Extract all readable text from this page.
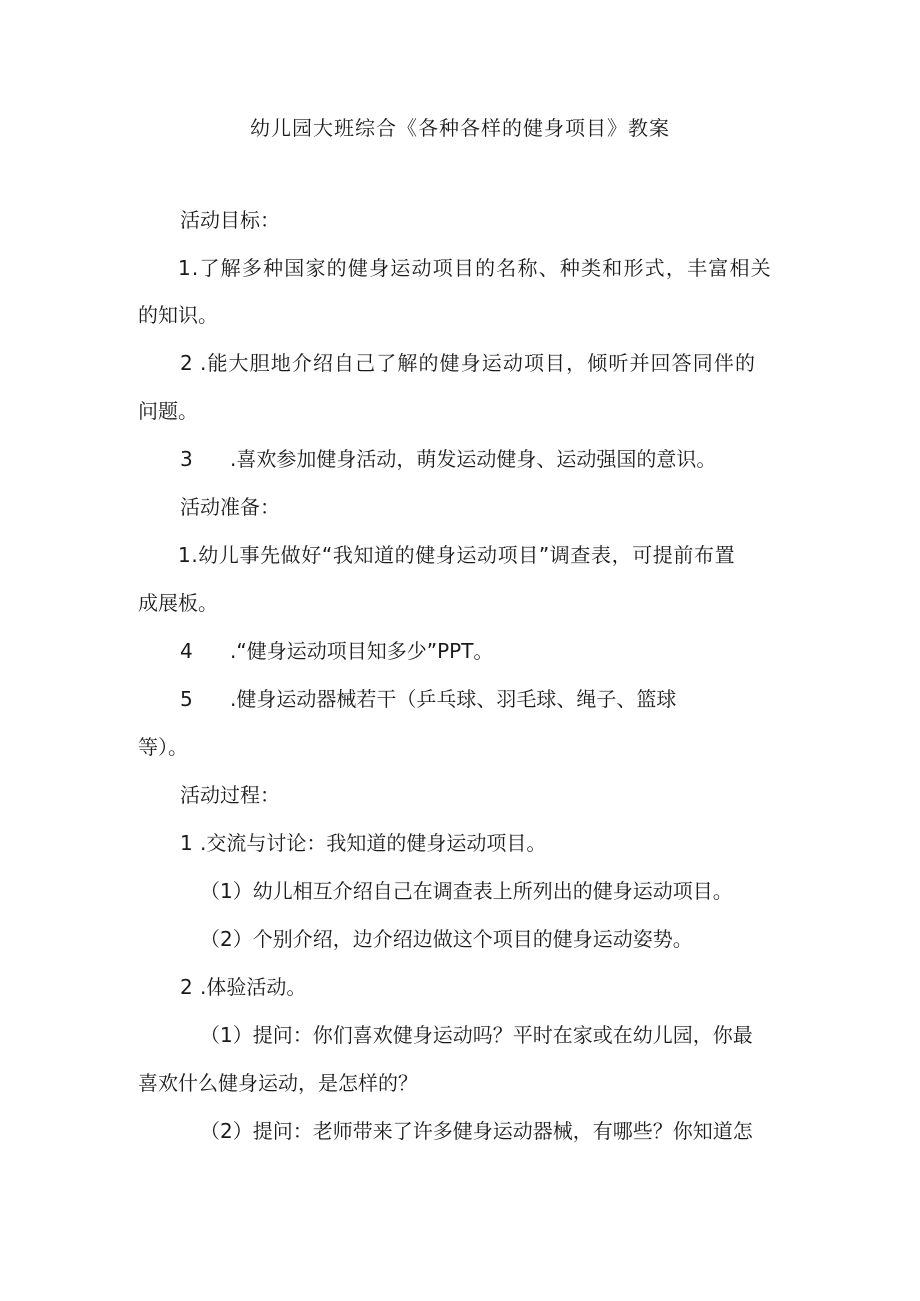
幼儿园大班综合《各种各样的健身项目》教案
活动目标：
1.了解多种国家的健身运动项目的名称、种类和形式，丰富相关
的知识。
2 .能大胆地介绍自己了解的健身运动项目，倾听并回答同伴的
问题。
3 .喜欢参加健身活动，萌发运动健身、运动强国的意识。
活动准备：
1.幼儿事先做好“我知道的健身运动项目”调查表，可提前布置
成展板。
4 .“健身运动项目知多少”PPT。
5 .健身运动器械若干（乒乓球、羽毛球、绳子、篮球
等）。
活动过程：
1 .交流与讨论：我知道的健身运动项目。
（1）幼儿相互介绍自己在调查表上所列出的健身运动项目。
（2）个别介绍，边介绍边做这个项目的健身运动姿势。
2 .体验活动。
（1）提问：你们喜欢健身运动吗？平时在家或在幼儿园，你最
喜欢什么健身运动，是怎样的？
（2）提问：老师带来了许多健身运动器械，有哪些？你知道怎
